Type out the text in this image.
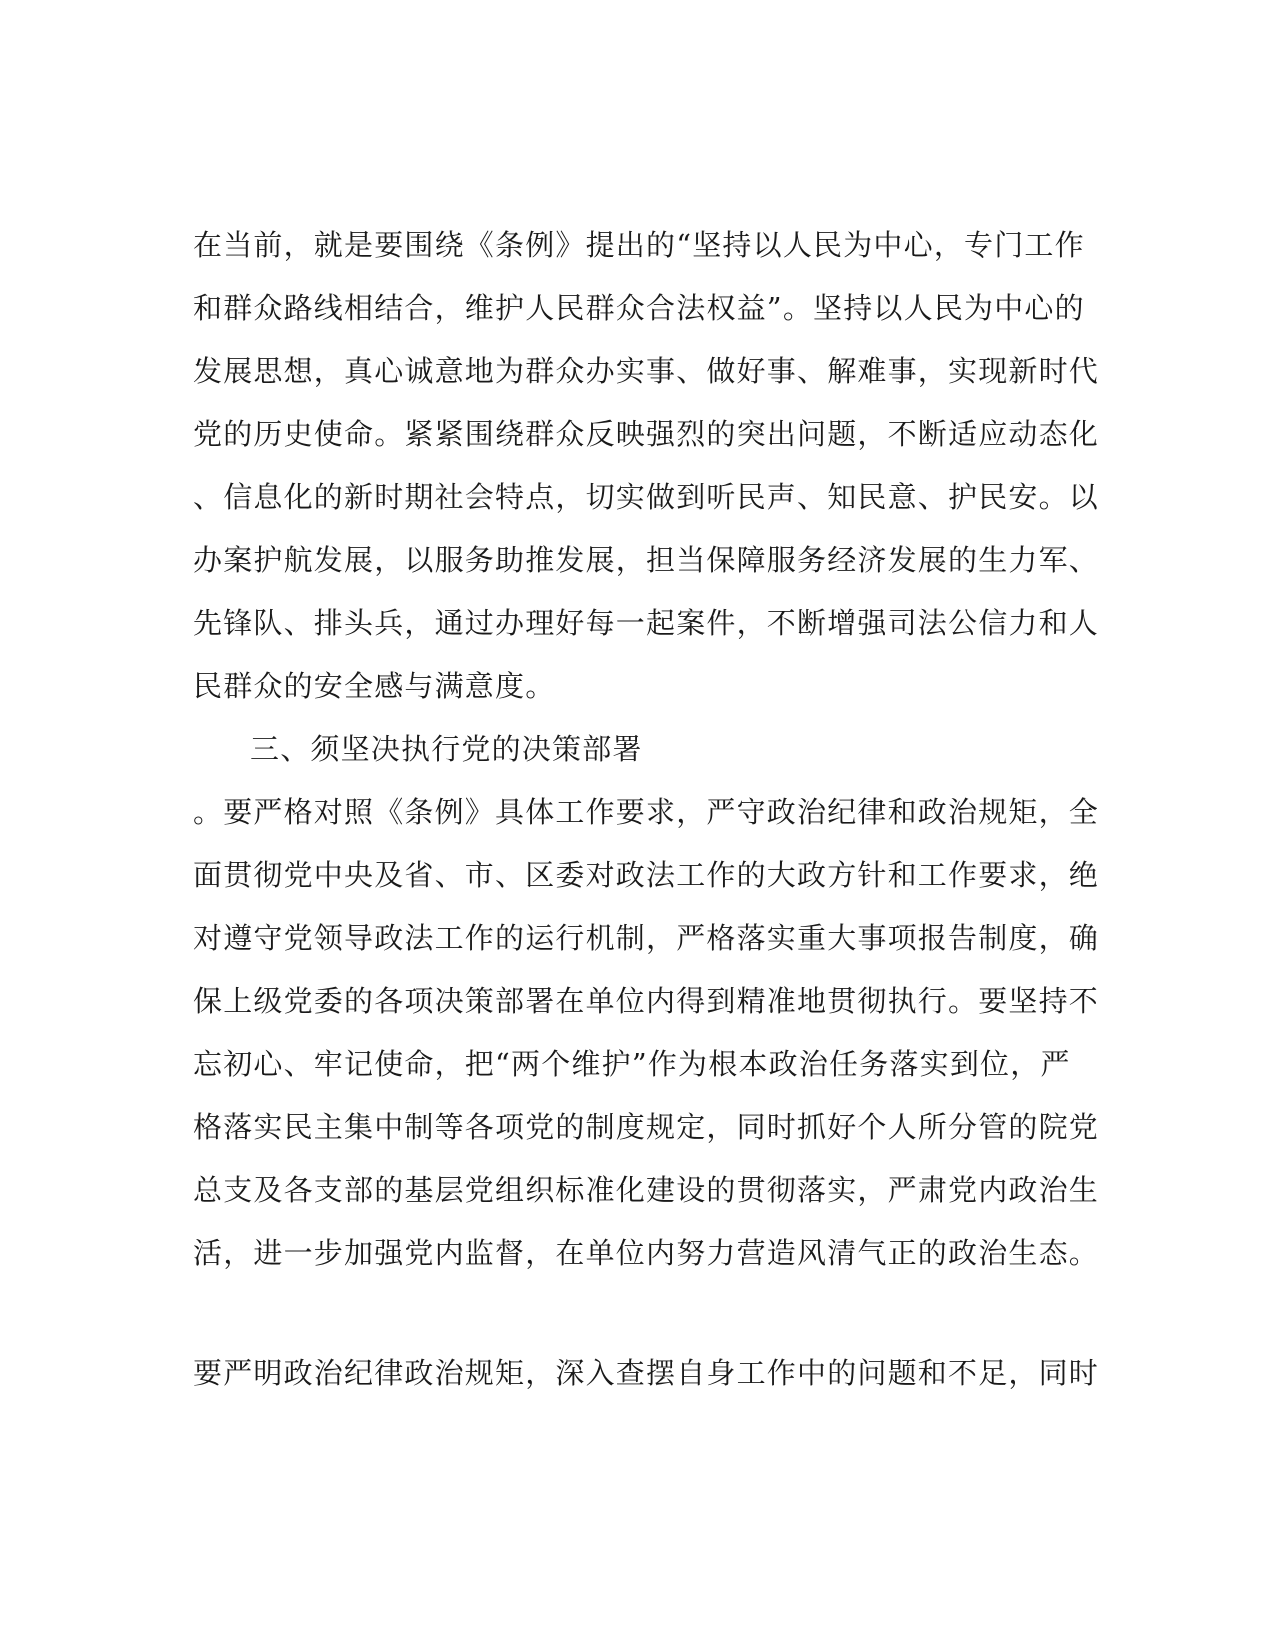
在当前，就是要围绕《条例》提出的“坚持以人民为中心，专门工作
和群众路线相结合，维护人民群众合法权益”。坚持以人民为中心的
发展思想，真心诚意地为群众办实事、做好事、解难事，实现新时代
党的历史使命。紧紧围绕群众反映强烈的突出问题，不断适应动态化
、信息化的新时期社会特点，切实做到听民声、知民意、护民安。以
办案护航发展，以服务助推发展，担当保障服务经济发展的生力军、
先锋队、排头兵，通过办理好每一起案件，不断增强司法公信力和人
民群众的安全感与满意度。
三、须坚决执行党的决策部署
。要严格对照《条例》具体工作要求，严守政治纪律和政治规矩，全
面贯彻党中央及省、市、区委对政法工作的大政方针和工作要求，绝
对遵守党领导政法工作的运行机制，严格落实重大事项报告制度，确
保上级党委的各项决策部署在单位内得到精准地贯彻执行。要坚持不
忘初心、牢记使命，把“两个维护”作为根本政治任务落实到位，严
格落实民主集中制等各项党的制度规定，同时抓好个人所分管的院党
总支及各支部的基层党组织标准化建设的贯彻落实，严肃党内政治生
活，进一步加强党内监督，在单位内努力营造风清气正的政治生态。
要严明政治纪律政治规矩，深入查摆自身工作中的问题和不足，同时
